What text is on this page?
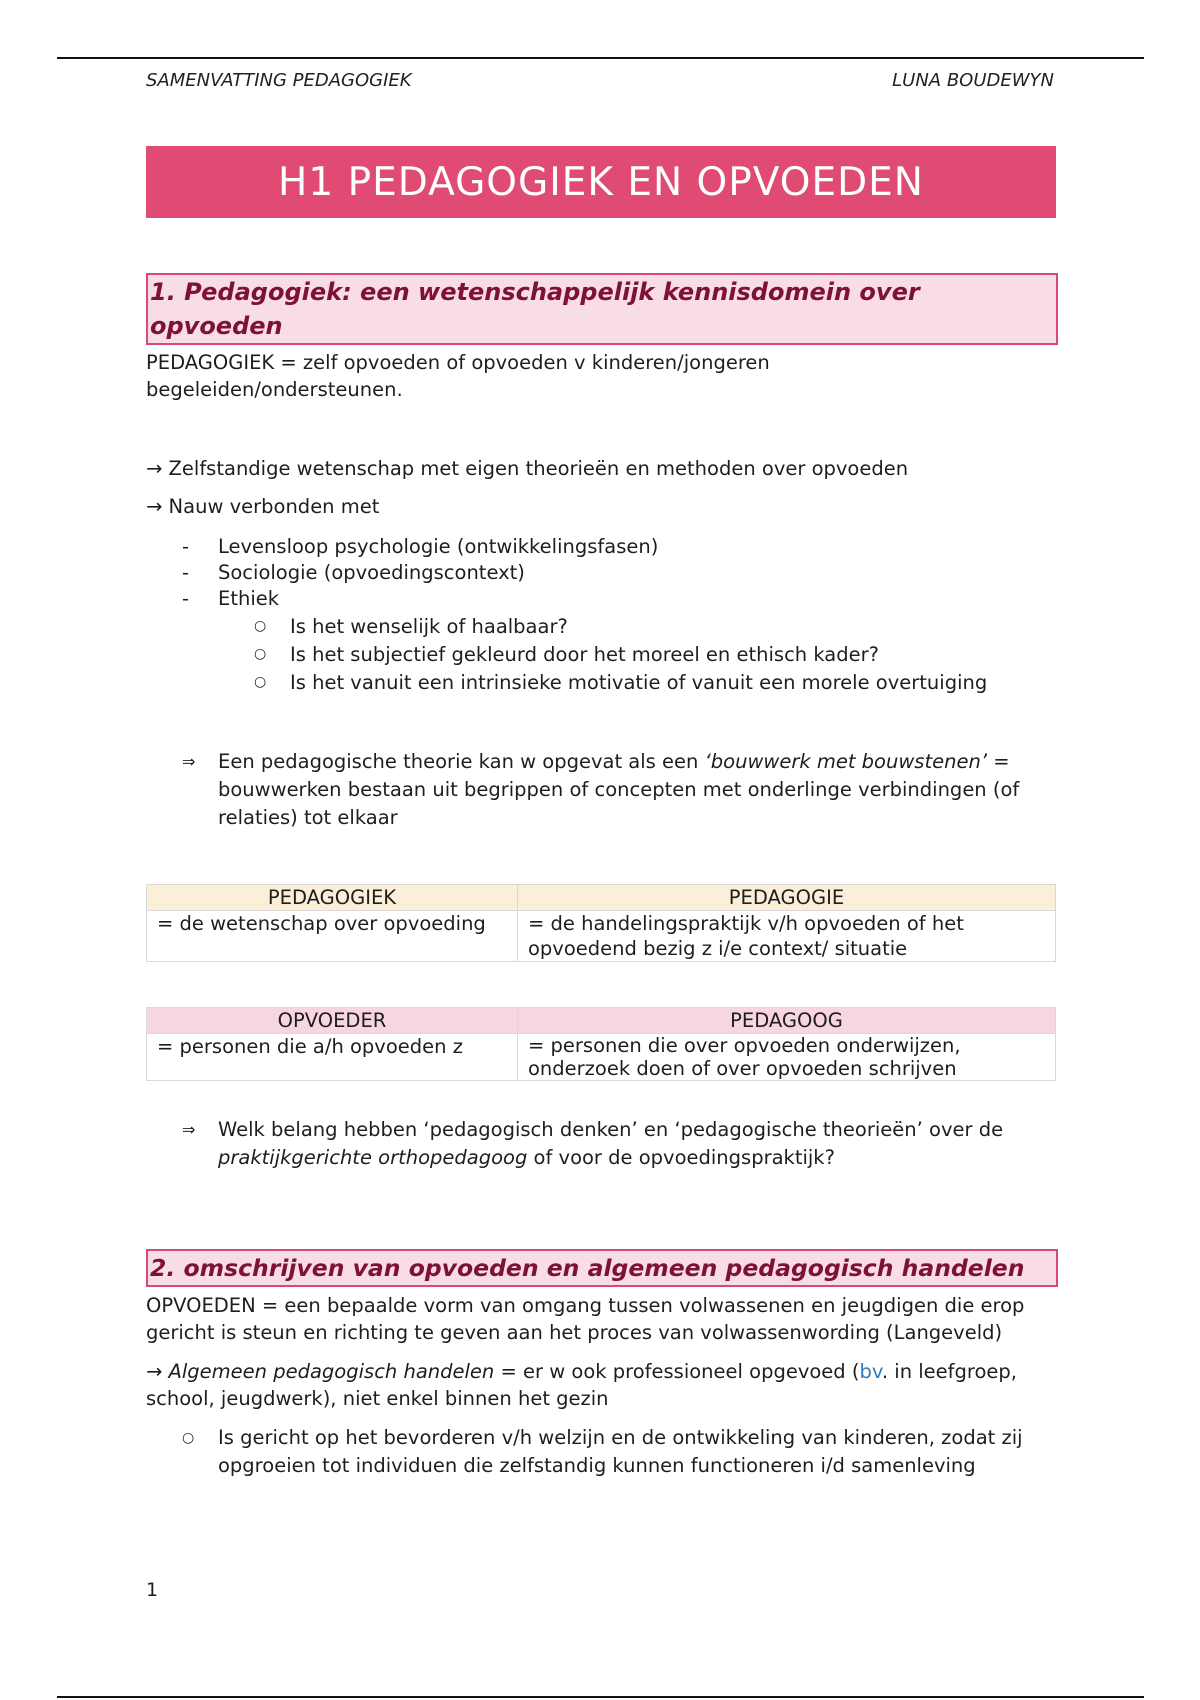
SAMENVATTING PEDAGOGIEK	LUNA BOUDEWYN
H1 PEDAGOGIEK EN OPVOEDEN
1. Pedagogiek: een wetenschappelijk kennisdomein over opvoeden

PEDAGOGIEK = zelf opvoeden of opvoeden v kinderen/jongeren begeleiden/ondersteunen.

→ Zelfstandige wetenschap met eigen theorieën en methoden over opvoeden
→ Nauw verbonden met
- Levensloop psychologie (ontwikkelingsfasen)
- Sociologie (opvoedingscontext)
- Ethiek
○ Is het wenselijk of haalbaar?
○ Is het subjectief gekleurd door het moreel en ethisch kader?
○ Is het vanuit een intrinsieke motivatie of vanuit een morele overtuiging
⇒ Een pedagogische theorie kan w opgevat als een ‘bouwwerk met bouwstenen’ = bouwwerken bestaan uit begrippen of concepten met onderlinge verbindingen (of relaties) tot elkaar
PEDAGOGIEK	PEDAGOGIE
= de wetenschap over opvoeding	= de handelingspraktijk v/h opvoeden of het opvoedend bezig z i/e context/ situatie
OPVOEDER	PEDAGOOG
= personen die a/h opvoeden z	= personen die over opvoeden onderwijzen, onderzoek doen of over opvoeden schrijven
⇒ Welk belang hebben ‘pedagogisch denken’ en ‘pedagogische theorieën’ over de praktijkgerichte orthopedagoog of voor de opvoedingspraktijk?
2. omschrijven van opvoeden en algemeen pedagogisch handelen

OPVOEDEN = een bepaalde vorm van omgang tussen volwassenen en jeugdigen die erop gericht is steun en richting te geven aan het proces van volwassenwording (Langeveld)

→ Algemeen pedagogisch handelen = er w ook professioneel opgevoed (bv. in leefgroep, school, jeugdwerk), niet enkel binnen het gezin
○ Is gericht op het bevorderen v/h welzijn en de ontwikkeling van kinderen, zodat zij opgroeien tot individuen die zelfstandig kunnen functioneren i/d samenleving
1
